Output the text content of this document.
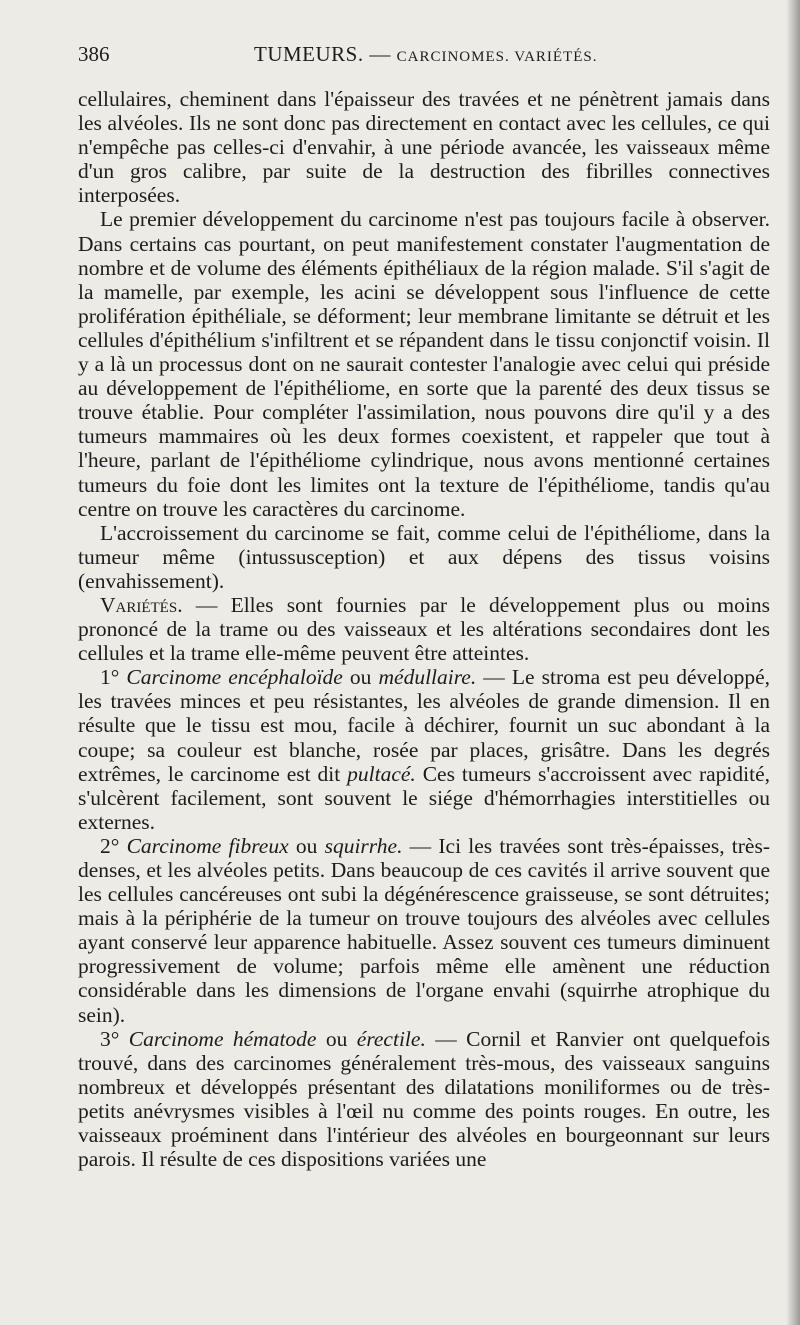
386	TUMEURS. — CARCINOMES. VARIÉTÉS.

cellulaires, cheminent dans l'épaisseur des travées et ne pénètrent jamais dans les alvéoles. Ils ne sont donc pas directement en contact avec les cellules, ce qui n'empêche pas celles-ci d'envahir, à une période avancée, les vaisseaux même d'un gros calibre, par suite de la destruction des fibrilles connectives interposées.

Le premier développement du carcinome n'est pas toujours facile à observer. Dans certains cas pourtant, on peut manifestement constater l'augmentation de nombre et de volume des éléments épithéliaux de la région malade. S'il s'agit de la mamelle, par exemple, les acini se développent sous l'influence de cette prolifération épithéliale, se déforment; leur membrane limitante se détruit et les cellules d'épithélium s'infiltrent et se répandent dans le tissu conjonctif voisin. Il y a là un processus dont on ne saurait contester l'analogie avec celui qui préside au développement de l'épithéliome, en sorte que la parenté des deux tissus se trouve établie. Pour compléter l'assimilation, nous pouvons dire qu'il y a des tumeurs mammaires où les deux formes coexistent, et rappeler que tout à l'heure, parlant de l'épithéliome cylindrique, nous avons mentionné certaines tumeurs du foie dont les limites ont la texture de l'épithéliome, tandis qu'au centre on trouve les caractères du carcinome.

L'accroissement du carcinome se fait, comme celui de l'épithéliome, dans la tumeur même (intussusception) et aux dépens des tissus voisins (envahissement).

Variétés. — Elles sont fournies par le développement plus ou moins prononcé de la trame ou des vaisseaux et les altérations secondaires dont les cellules et la trame elle-même peuvent être atteintes.

1° Carcinome encéphaloïde ou médullaire. — Le stroma est peu développé, les travées minces et peu résistantes, les alvéoles de grande dimension. Il en résulte que le tissu est mou, facile à déchirer, fournit un suc abondant à la coupe; sa couleur est blanche, rosée par places, grisâtre. Dans les degrés extrêmes, le carcinome est dit pultacé. Ces tumeurs s'accroissent avec rapidité, s'ulcèrent facilement, sont souvent le siége d'hémorrhagies interstitielles ou externes.

2° Carcinome fibreux ou squirrhe. — Ici les travées sont très-épaisses, très-denses, et les alvéoles petits. Dans beaucoup de ces cavités il arrive souvent que les cellules cancéreuses ont subi la dégénérescence graisseuse, se sont détruites; mais à la périphérie de la tumeur on trouve toujours des alvéoles avec cellules ayant conservé leur apparence habituelle. Assez souvent ces tumeurs diminuent progressivement de volume; parfois même elle amènent une réduction considérable dans les dimensions de l'organe envahi (squirrhe atrophique du sein).

3° Carcinome hématode ou érectile. — Cornil et Ranvier ont quelquefois trouvé, dans des carcinomes généralement très-mous, des vaisseaux sanguins nombreux et développés présentant des dilatations moniliformes ou de très-petits anévrysmes visibles à l'œil nu comme des points rouges. En outre, les vaisseaux proéminent dans l'intérieur des alvéoles en bourgeonnant sur leurs parois. Il résulte de ces dispositions variées une
